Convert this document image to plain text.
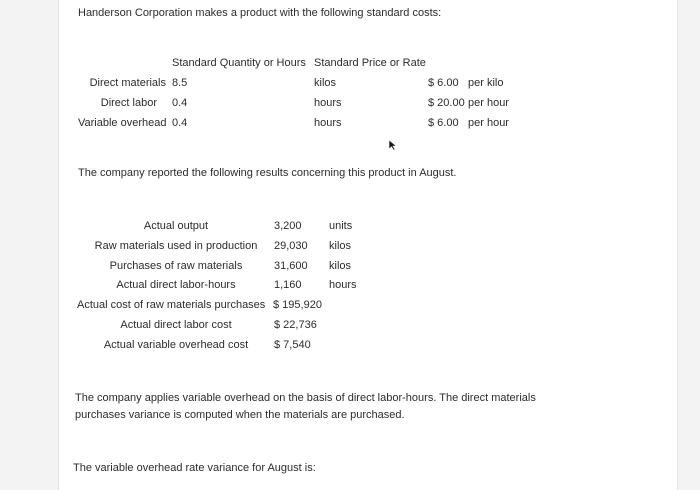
Handerson Corporation makes a product with the following standard costs:
Standard Quantity or Hours Standard Price or Rate
Direct materials 8.5	kilos	$ 6.00 per kilo
Direct labor 0.4	hours	$ 20.00 per hour
Variable overhead 0.4	hours	$ 6.00 per hour
The company reported the following results concerning this product in August.
Actual output	3,200 units
Raw materials used in production	29,030 kilos
Purchases of raw materials	31,600 kilos
Actual direct labor-hours	1,160 hours
Actual cost of raw materials purchases $ 195,920
Actual direct labor cost	$ 22,736
Actual variable overhead cost	$ 7,540
The company applies variable overhead on the basis of direct labor-hours. The direct materials purchases variance is computed when the materials are purchased.
The variable overhead rate variance for August is:
